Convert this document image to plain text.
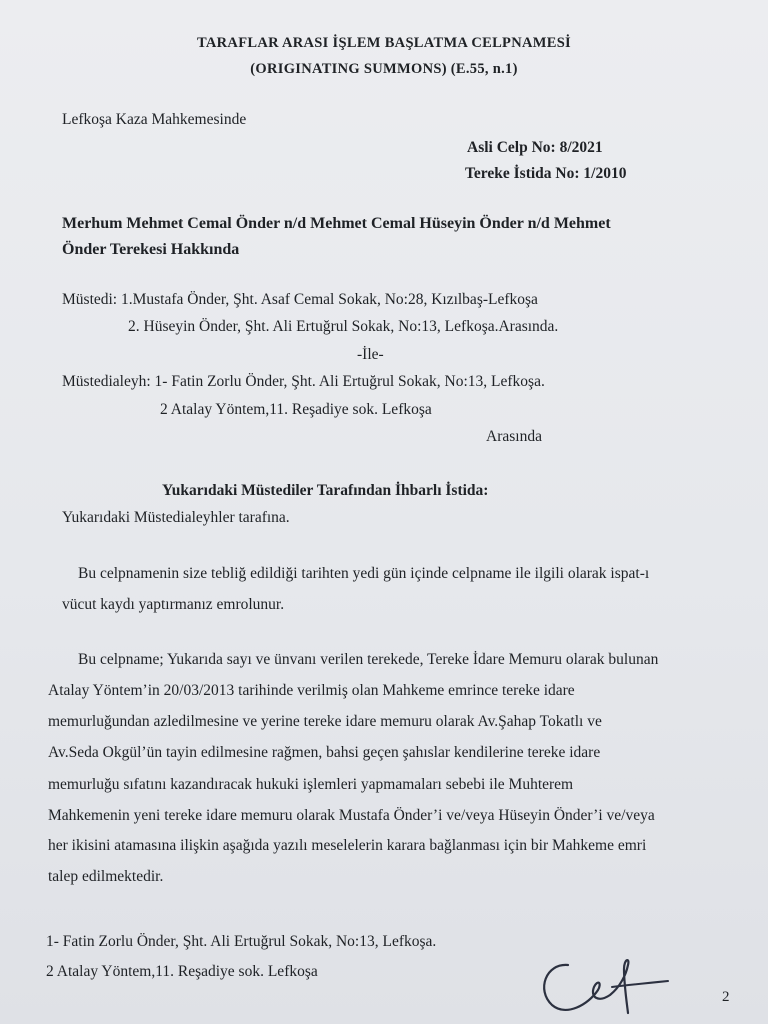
TARAFLAR ARASI İŞLEM BAŞLATMA CELPNAMESİ
(ORIGINATING SUMMONS) (E.55, n.1)
Lefkoşa Kaza Mahkemesinde
Asli Celp No: 8/2021
Tereke İstida No: 1/2010
Merhum Mehmet Cemal Önder n/d Mehmet Cemal Hüseyin Önder n/d Mehmet
Önder Terekesi Hakkında
Müstedi: 1.Mustafa Önder, Şht. Asaf Cemal Sokak, No:28, Kızılbaş-Lefkoşa
2. Hüseyin Önder, Şht. Ali Ertuğrul Sokak, No:13, Lefkoşa.Arasında.
-İle-
Müstedialeyh: 1- Fatin Zorlu Önder, Şht. Ali Ertuğrul Sokak, No:13, Lefkoşa.
2 Atalay Yöntem,11. Reşadiye sok. Lefkoşa
Arasında
Yukarıdaki Müstediler Tarafından İhbarlı İstida:
Yukarıdaki Müstedialeyhler tarafına.
Bu celpnamenin size tebliğ edildiği tarihten yedi gün içinde celpname ile ilgili olarak ispat-ı
vücut kaydı yaptırmanız emrolunur.
Bu celpname; Yukarıda sayı ve ünvanı verilen terekede, Tereke İdare Memuru olarak bulunan
Atalay Yöntem’in 20/03/2013 tarihinde verilmiş olan Mahkeme emrince tereke idare
memurluğundan azledilmesine ve yerine tereke idare memuru olarak Av.Şahap Tokatlı ve
Av.Seda Okgül’ün tayin edilmesine rağmen, bahsi geçen şahıslar kendilerine tereke idare
memurluğu sıfatını kazandıracak hukuki işlemleri yapmamaları sebebi ile Muhterem
Mahkemenin yeni tereke idare memuru olarak Mustafa Önder’i ve/veya Hüseyin Önder’i ve/veya
her ikisini atamasına ilişkin aşağıda yazılı meselelerin karara bağlanması için bir Mahkeme emri
talep edilmektedir.
1- Fatin Zorlu Önder, Şht. Ali Ertuğrul Sokak, No:13, Lefkoşa.
2 Atalay Yöntem,11. Reşadiye sok. Lefkoşa
2
